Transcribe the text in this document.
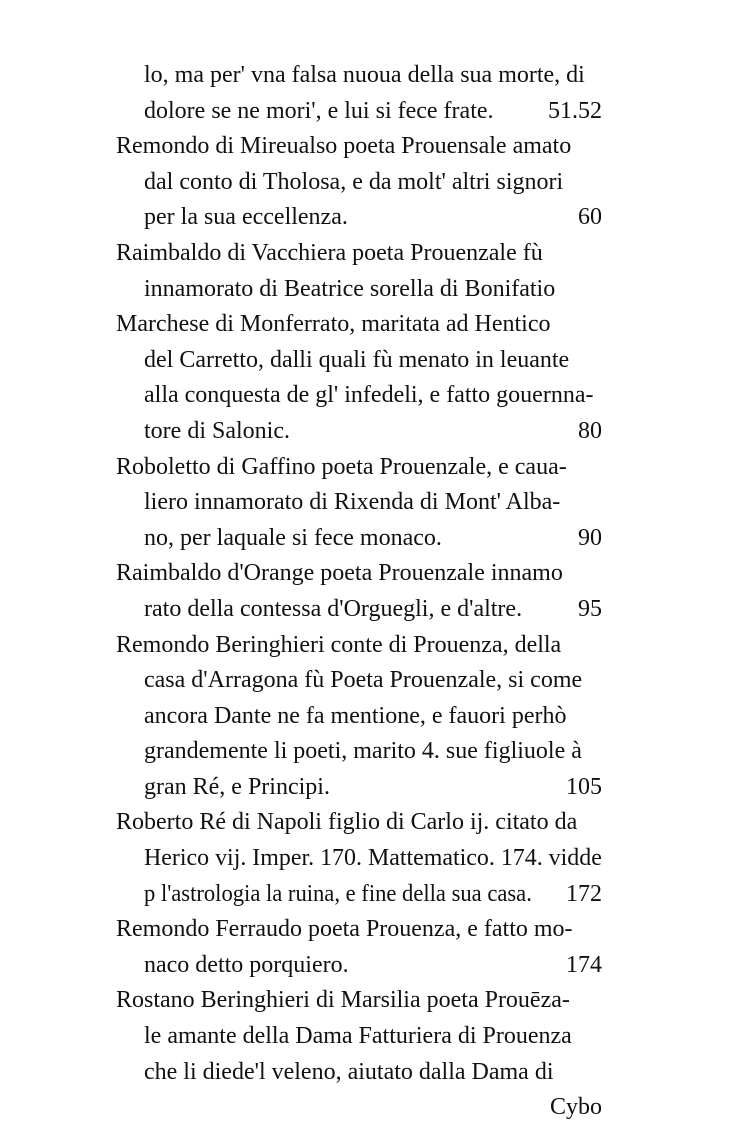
lo, ma per' vna falsa nuoua della sua morte, di
dolore se ne mori', e lui si fece frate. 51.52
Remondo di Mireualso poeta Prouensale amato
dal conto di Tholosa, e da molt' altri signori
per la sua eccellenza.	60
Raimbaldo di Vacchiera poeta Prouenzale fù
innamorato di Beatrice sorella di Bonifatio
Marchese di Monferrato, maritata ad Hentico
del Carretto, dalli quali fù menato in leuante
alla conquesta de gl' infedeli, e fatto gouernna-
tore di Salonic.	80
Roboletto di Gaffino poeta Prouenzale, e caua-
liero innamorato di Rixenda di Mont' Alba-
no, per laquale si fece monaco.	90
Raimbaldo d'Orange poeta Prouenzale innamo
rato della contessa d'Orguegli, e d'altre. 95
Remondo Beringhieri conte di Prouenza, della
casa d'Arragona fù Poeta Prouenzale, si come
ancora Dante ne fa mentione, e fauori perhò
grandemente li poeti, marito 4. sue figliuole à
gran Ré, e Principi.	105
Roberto Ré di Napoli figlio di Carlo ij. citato da
Herico vij. Imper. 170. Mattematico. 174. vidde
p l'astrologia la ruina, e fine della sua casa. 172
Remondo Ferraudo poeta Prouenza, e fatto mo-
naco detto porquiero.	174
Rostano Beringhieri di Marsilia poeta Prouēza-
le amante della Dama Fatturiera di Prouenza
che li diede'l veleno, aiutato dalla Dama di
Cybo
